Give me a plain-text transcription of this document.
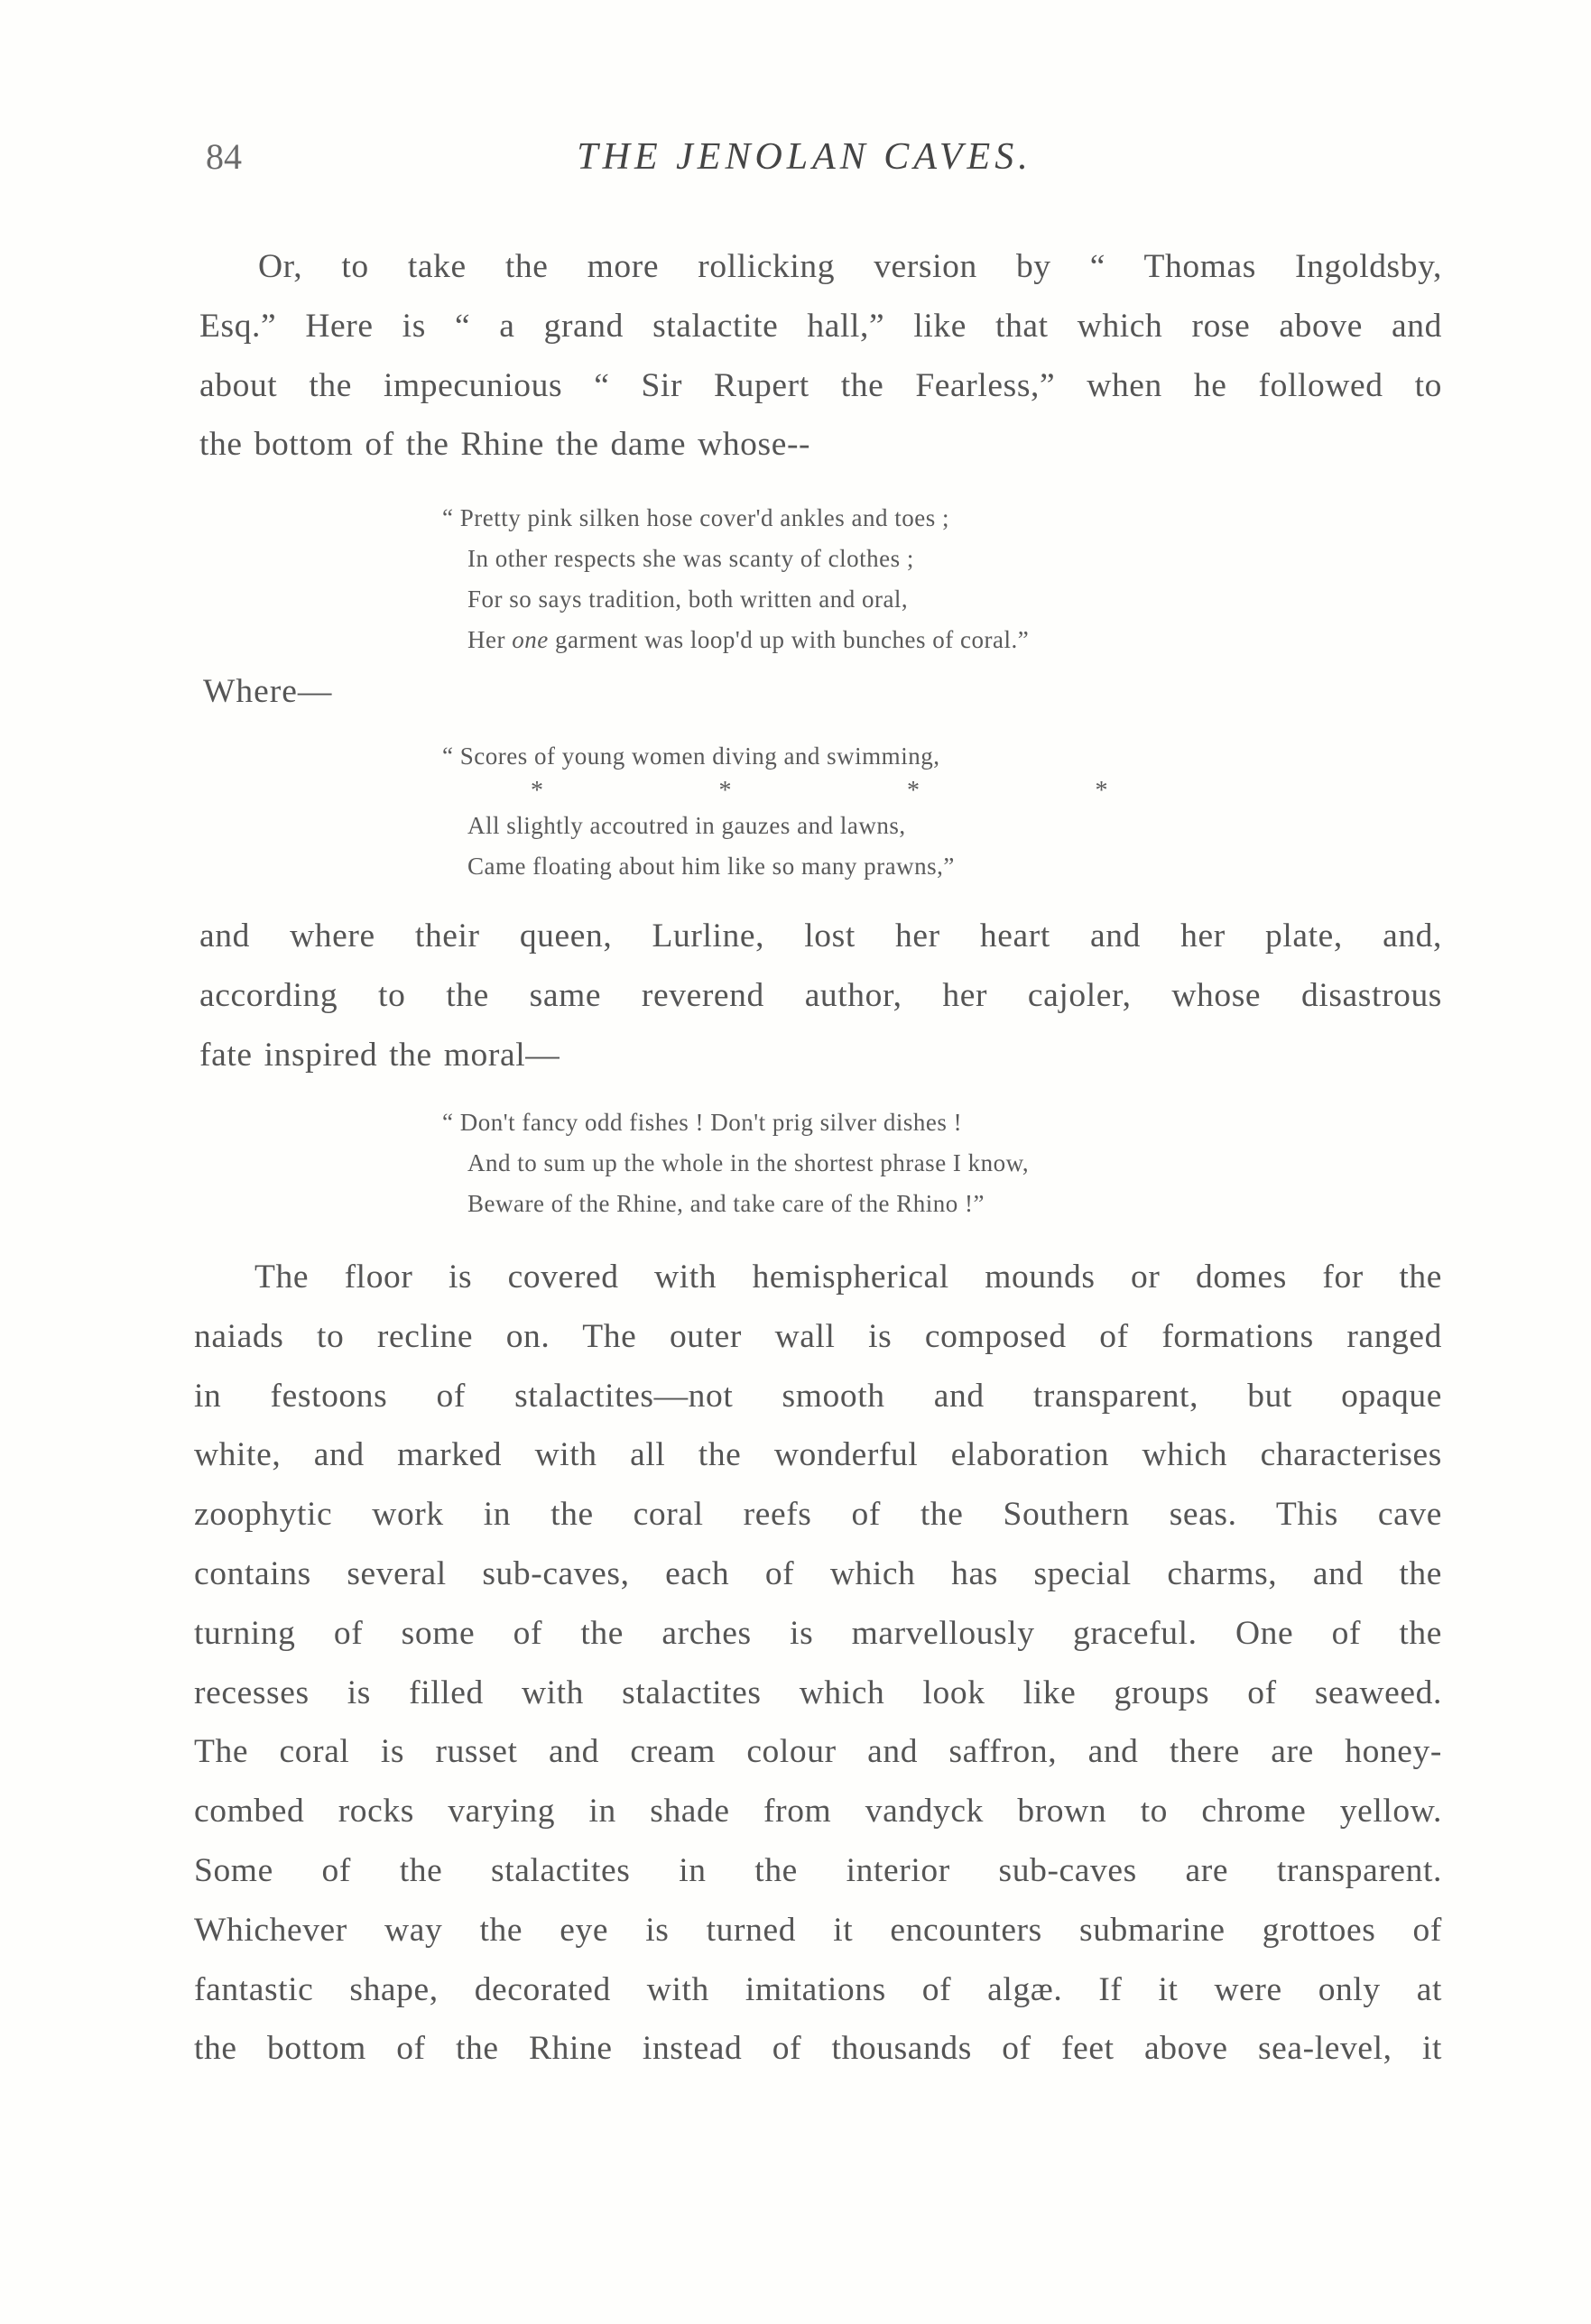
84	THE JENOLAN CAVES.
Or, to take the more rollicking version by “ Thomas Ingoldsby,
Esq.” Here is “ a grand stalactite hall,” like that which rose above and
about the impecunious “ Sir Rupert the Fearless,” when he followed to
the bottom of the Rhine the dame whose--
“ Pretty pink silken hose cover'd ankles and toes ;
In other respects she was scanty of clothes ;
For so says tradition, both written and oral,
Her one garment was loop'd up with bunches of coral.”
Where—
“ Scores of young women diving and swimming,
*	*	*	*
All slightly accoutred in gauzes and lawns,
Came floating about him like so many prawns,”
and where their queen, Lurline, lost her heart and her plate, and,
according to the same reverend author, her cajoler, whose disastrous
fate inspired the moral—
“ Don't fancy odd fishes ! Don't prig silver dishes !
And to sum up the whole in the shortest phrase I know,
Beware of the Rhine, and take care of the Rhino !”
The floor is covered with hemispherical mounds or domes for the
naiads to recline on. The outer wall is composed of formations ranged
in festoons of stalactites—not smooth and transparent, but opaque
white, and marked with all the wonderful elaboration which characterises
zoophytic work in the coral reefs of the Southern seas. This cave
contains several sub-caves, each of which has special charms, and the
turning of some of the arches is marvellously graceful. One of the
recesses is filled with stalactites which look like groups of seaweed.
The coral is russet and cream colour and saffron, and there are honey-
combed rocks varying in shade from vandyck brown to chrome yellow.
Some of the stalactites in the interior sub-caves are transparent.
Whichever way the eye is turned it encounters submarine grottoes of
fantastic shape, decorated with imitations of algæ. If it were only at
the bottom of the Rhine instead of thousands of feet above sea-level, it
